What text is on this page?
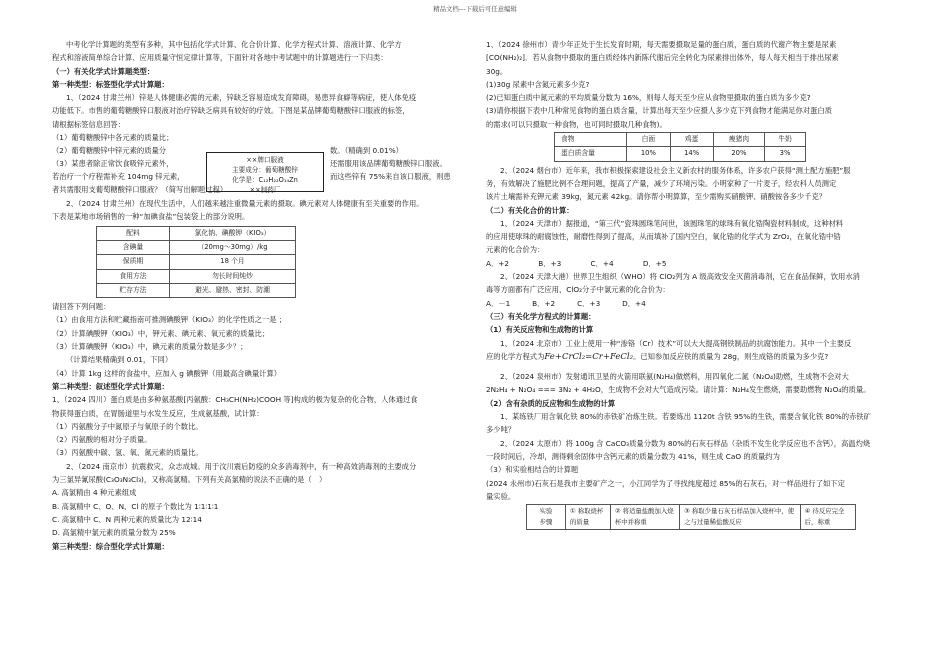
精品文档---下载后可任意编辑

中考化学计算题的类型有多种，其中包括化学式计算、化合价计算、化学方程式计算、溶液计算、化学方

程式和溶液简单综合计算、应用质量守恒定律计算等，下面针对各地中考试题中的计算题进行一下归类：

（一）有关化学式计算题类型：

第一种类型：标签型化学式计算题：

1、（2024 甘肃兰州）锌是人体健康必需的元素，锌缺乏容易造成发育障碍，易患异食癖等病症，使人体免疫

功能低下。市售的葡萄糖酸锌口服液对治疗锌缺乏病具有较好的疗效。下图是某品牌葡萄糖酸锌口服液的标签，

请根据标签信息回答：

（1）葡萄糖酸锌中各元素的质量比；

（2）葡萄糖酸锌中锌元素的质量分	数。（精确到 0.01%）

（3）某患者除正常饮食吸锌元素外，	还需服用该品牌葡萄糖酸锌口服液。

若治疗一个疗程需补充 104mg 锌元素，	而这些锌有 75%来自该口服液，则患

者共需服用支葡萄糖酸锌口服液？（简写出解题过程）

2、（2024 甘肃兰州）在现代生活中，人们越来越注重微量元素的摄取。碘元素对人体健康有至关重要的作用。

下表是某地市场销售的一种“加碘食盐”包装袋上的部分说明。

配料	氯化钠、碘酸钾（KIO₃）
含碘量	（20mg～30mg）/kg
保质期	18 个月
食用方法	勿长时间炖炒
贮存方法	避光、避热、密封、防潮

请回答下列问题：

（1）由食用方法和贮藏指南可推测碘酸钾（KIO₃）的化学性质之一是 ；

（2）计算碘酸钾（KIO₃）中，钾元素、碘元素、氧元素的质量比；

（3）计算碘酸钾（KIO₃）中，碘元素的质量分数是多少？；

（计算结果精确到 0.01，下同）

（4）计算 1kg 这样的食盐中，应加入 g 碘酸钾（用最高含碘量计算）

第二种类型：叙述型化学式计算题：

1、（2024 四川）蛋白质是由多种氨基酸[丙氨酸：CH₃CH(NH₂)COOH 等]构成的极为复杂的化合物，人体通过食

物获得蛋白质，在胃肠道里与水发生反应，生成氨基酸，试计算：

（1）丙氨酸分子中氮原子与氧原子的个数比。

（2）丙氨酸的相对分子质量。

（3）丙氨酸中碳、氢、氧、氮元素的质量比。

2、（2024 南京市）抗震救灾，众志成城。用于汶川震后防疫的众多消毒剂中，有一种高效消毒剂的主要成分

为三氯异氰尿酸(C₃O₃N₃Cl₃)，又称高氯精。下列有关高氯精的说法不正确的是（　）

A. 高氯精由 4 种元素组成

B. 高氯精中 C、O、N、Cl 的原子个数比为 1∶1∶1∶1

C. 高氯精中 C、N 两种元素的质量比为 12∶14

D. 高氯精中氯元素的质量分数为 25%

第三种类型：综合型化学式计算题：

××牌口服液
主要成分：葡萄糖酸锌
化学是：C₁₂H₂₂O₁₄Zn
××制药厂

1、（2024 徐州市）青少年正处于生长发育时期，每天需要摄取足量的蛋白质，蛋白质的代谢产物主要是尿素

[CO(NH₂)₂]．若从食物中摄取的蛋白质经体内新陈代谢后完全转化为尿素排出体外，每人每天相当于排出尿素

30g。

(1)30g 尿素中含氮元素多少克?

(2)已知蛋白质中氮元素的平均质量分数为 16%，则每人每天至少应从食物里摄取的蛋白质为多少克?

(3)请你根据下表中几种常见食物的蛋白质含量，计算出每天至少应摄人多少克下列食物才能满足你对蛋白质

的需求(可以只摄取一种食物，也可同时摄取几种食物)。

食物	白面	鸡蛋	瘦猪肉	牛奶
蛋白质含量	10%	14%	20%	3%

2、（2024 烟台市）近年来，我市积极探索建设社会主义新农村的服务体系，许多农户获得“测土配方施肥”服

务，有效解决了施肥比例不合理问题，提高了产量，减少了环境污染。小明家种了一片麦子，经农科人员测定

该片土壤需补充钾元素 39kg，氮元素 42kg。请你帮小明算算，至少需购买硝酸钾、硝酸铵各多少千克？

（二）有关化合价的计算：

1、（2024 天津市）据报道，“第三代”瓷珠圆珠笔问世，该圆珠笔的球珠有氧化锆陶瓷材料制成，这种材料

的应用使球珠的耐腐蚀性，耐磨性得到了提高，从而填补了国内空白，氧化锆的化学式为 ZrO₂，在氧化锆中锆

元素的化合价为：

A．+2　　　　B．+3　　　　C．+4　　　　D．+5

2、（2024 天津大港）世界卫生组织（WHO）将 ClO₂列为 A 级高效安全灭菌消毒剂，它在食品保鲜，饮用水消

毒等方面都有广泛应用，ClO₂分子中氯元素的化合价为：

A．－1　　　B．+2　　　C．+3　　　D．+4

（三）有关化学方程式的计算题：

（1）有关反应物和生成物的计算

1、（2024 北京市）工业上使用一种“渗铬（Cr）技术”可以大大提高钢铁制品的抗腐蚀能力。其中一个主要反

应的化学方程式为Fe+CrCl₂=Cr+FeCl₂。已知参加反应铁的质量为 28g，则生成铬的质量为多少克?

2、（2024 泉州市）发射通讯卫星的火箭用联氨(N₂H₄)做燃料，用四氧化二氮（N₂O₄)助燃，生成物不会对大

2N₂H₄ + N₂O₄ === 3N₂ + 4H₂O，生成物不会对大气造成污染。请计算：N₂H₄发生燃烧，需要助燃物 N₂O₄的质量。

（2）含有杂质的反应物和生成物的计算

1、某练铁厂用含氧化铁 80%的赤铁矿冶炼生铁。若要炼出 1120t 含铁 95%的生铁，需要含氧化铁 80%的赤铁矿

多少吨？

2、（2024 太原市）将 100g 含 CaCO₃质量分数为 80%的石灰石样品（杂质不发生化学反应也不含钙），高温灼烧

一段时间后，冷却，测得剩余固体中含钙元素的质量分数为 41%，则生成 CaO 的质量约为

（3）和实验相结合的计算题

(2024 永州市)石灰石是我市主要矿产之一，小江同学为了寻找纯度超过 85%的石灰石，对一样品进行了如下定

量实验。

实验
步骤	① 称取烧杯的质量	② 将适量盐酸加入烧杯中并称重	③ 称取少量石灰石样品加入烧杯中，使之与过量稀盐酸反应	④ 待反应完全后，称重
